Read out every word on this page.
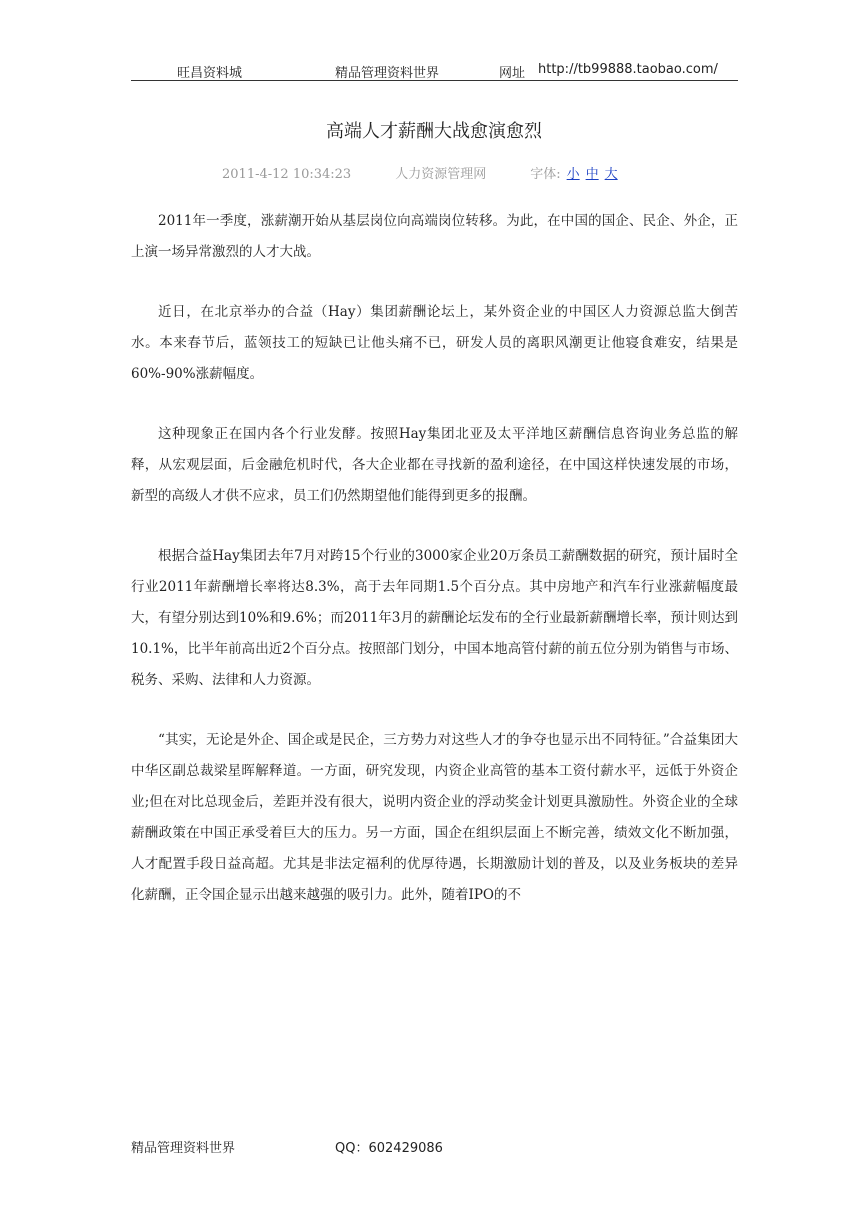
旺昌资料城	精品管理资料世界	网址 http://tb99888.taobao.com/
高端人才薪酬大战愈演愈烈
2011-4-12 10:34:23	人力资源管理网	字体: 小 中 大

2011年一季度，涨薪潮开始从基层岗位向高端岗位转移。为此，在中国的国企、民企、外企，正上演一场异常激烈的人才大战。

近日，在北京举办的合益（Hay）集团薪酬论坛上，某外资企业的中国区人力资源总监大倒苦水。本来春节后，蓝领技工的短缺已让他头痛不已，研发人员的离职风潮更让他寝食难安，结果是60%-90%涨薪幅度。

这种现象正在国内各个行业发酵。按照Hay集团北亚及太平洋地区薪酬信息咨询业务总监的解释，从宏观层面，后金融危机时代，各大企业都在寻找新的盈利途径，在中国这样快速发展的市场，新型的高级人才供不应求，员工们仍然期望他们能得到更多的报酬。

根据合益Hay集团去年7月对跨15个行业的3000家企业20万条员工薪酬数据的研究，预计届时全行业2011年薪酬增长率将达8.3%，高于去年同期1.5个百分点。其中房地产和汽车行业涨薪幅度最大，有望分别达到10%和9.6%；而2011年3月的薪酬论坛发布的全行业最新薪酬增长率，预计则达到10.1%，比半年前高出近2个百分点。按照部门划分，中国本地高管付薪的前五位分别为销售与市场、税务、采购、法律和人力资源。

“其实，无论是外企、国企或是民企，三方势力对这些人才的争夺也显示出不同特征。”合益集团大中华区副总裁梁星晖解释道。一方面，研究发现，内资企业高管的基本工资付薪水平，远低于外资企业;但在对比总现金后，差距并没有很大，说明内资企业的浮动奖金计划更具激励性。外资企业的全球薪酬政策在中国正承受着巨大的压力。另一方面，国企在组织层面上不断完善，绩效文化不断加强，人才配置手段日益高超。尤其是非法定福利的优厚待遇，长期激励计划的普及，以及业务板块的差异化薪酬，正令国企显示出越来越强的吸引力。此外，随着IPO的不

精品管理资料世界	QQ：602429086
